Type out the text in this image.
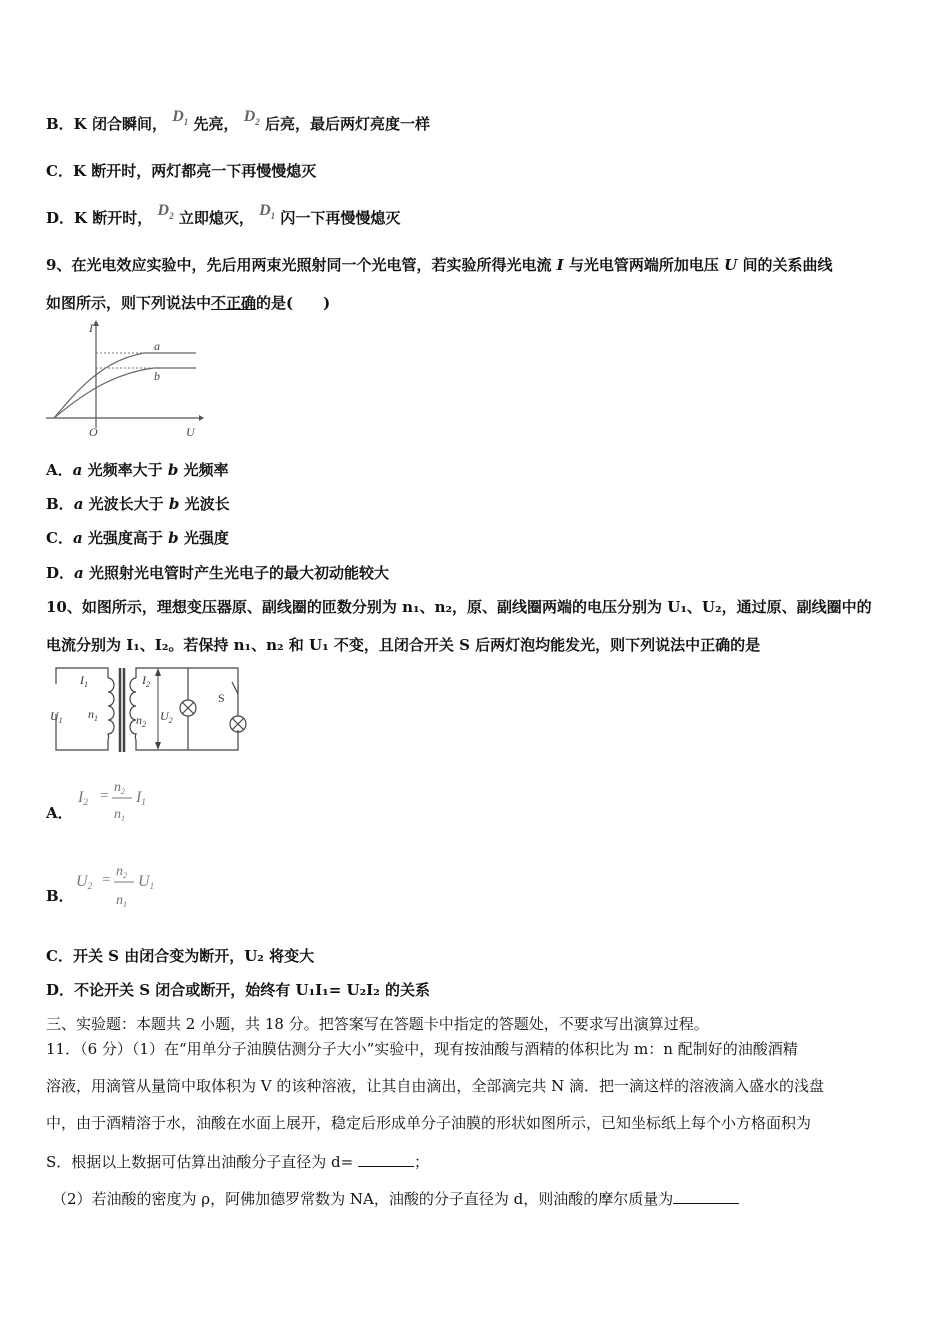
B．K 闭合瞬间， $D_1$ 先亮， $D_2$ 后亮，最后两灯亮度一样
C．K 断开时，两灯都亮一下再慢慢熄灭
D．K 断开时， $D_2$ 立即熄灭， $D_1$ 闪一下再慢慢熄灭
9、在光电效应实验中，先后用两束光照射同一个光电管，若实验所得光电流 I 与光电管两端所加电压 U 间的关系曲线
如图所示，则下列说法中不正确的是(　　)
I
U
O
a
b
A．a 光频率大于 b 光频率
B．a 光波长大于 b 光波长
C．a 光强度高于 b 光强度
D．a 光照射光电管时产生光电子的最大初动能较大
10、如图所示，理想变压器原、副线圈的匝数分别为 n₁、n₂，原、副线圈两端的电压分别为 U₁、U₂，通过原、副线圈中的
电流分别为 I₁、I₂。若保持 n₁、n₂ 和 U₁ 不变，且闭合开关 S 后两灯泡均能发光，则下列说法中正确的是
$I_1$
$U_1$ $n_1$
$I_2$
$n_2$
$U_2$
S
A．
I2 =
$n_2$
$n_1$
I1
B．
U2 =
$n_2$
$n_1$
U1
C．开关 S 由闭合变为断开，U₂ 将变大
D．不论开关 S 闭合或断开，始终有 U₁I₁= U₂I₂ 的关系
三、实验题：本题共 2 小题，共 18 分。把答案写在答题卡中指定的答题处，不要求写出演算过程。
11．（6 分）（1）在“用单分子油膜估测分子大小”实验中，现有按油酸与酒精的体积比为 m：n 配制好的油酸酒精
溶液，用滴管从量筒中取体积为 V 的该种溶液，让其自由滴出，全部滴完共 N 滴．把一滴这样的溶液滴入盛水的浅盘
中，由于酒精溶于水，油酸在水面上展开，稳定后形成单分子油膜的形状如图所示，已知坐标纸上每个小方格面积为
S．根据以上数据可估算出油酸分子直径为 d=	；
（2）若油酸的密度为 ρ，阿佛加德罗常数为 NA，油酸的分子直径为 d，则油酸的摩尔质量为
